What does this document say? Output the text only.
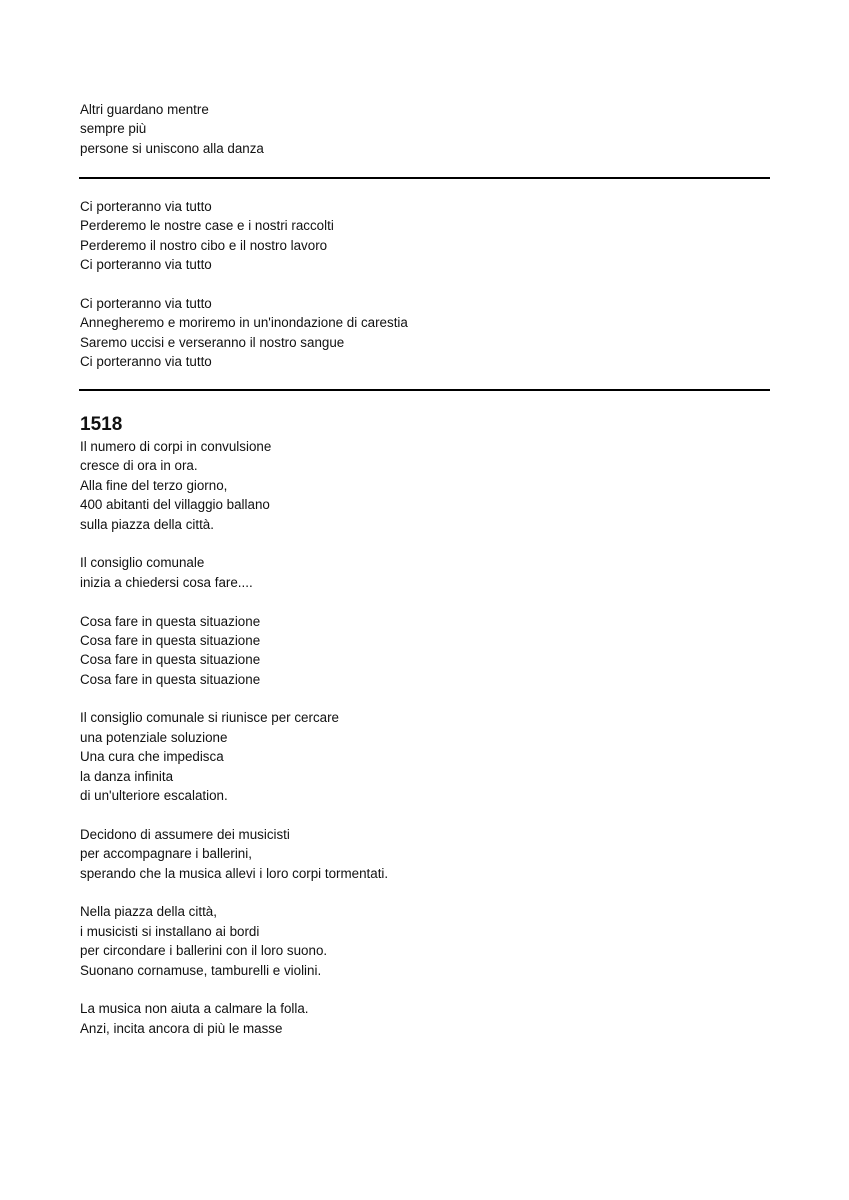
Altri guardano mentre
sempre più
persone si uniscono alla danza
Ci porteranno via tutto
Perderemo le nostre case e i nostri raccolti
Perderemo il nostro cibo e il nostro lavoro
Ci porteranno via tutto
Ci porteranno via tutto
Annegheremo e moriremo in un'inondazione di carestia
Saremo uccisi e verseranno il nostro sangue
Ci porteranno via tutto
1518
Il numero di corpi in convulsione
cresce di ora in ora.
Alla fine del terzo giorno,
400 abitanti del villaggio ballano
sulla piazza della città.
Il consiglio comunale
inizia a chiedersi cosa fare....
Cosa fare in questa situazione
Cosa fare in questa situazione
Cosa fare in questa situazione
Cosa fare in questa situazione
Il consiglio comunale si riunisce per cercare
una potenziale soluzione
Una cura che impedisca
la danza infinita
di un'ulteriore escalation.
Decidono di assumere dei musicisti
per accompagnare i ballerini,
sperando che la musica allevi i loro corpi tormentati.
Nella piazza della città,
i musicisti si installano ai bordi
per circondare i ballerini con il loro suono.
Suonano cornamuse, tamburelli e violini.
La musica non aiuta a calmare la folla.
Anzi, incita ancora di più le masse
